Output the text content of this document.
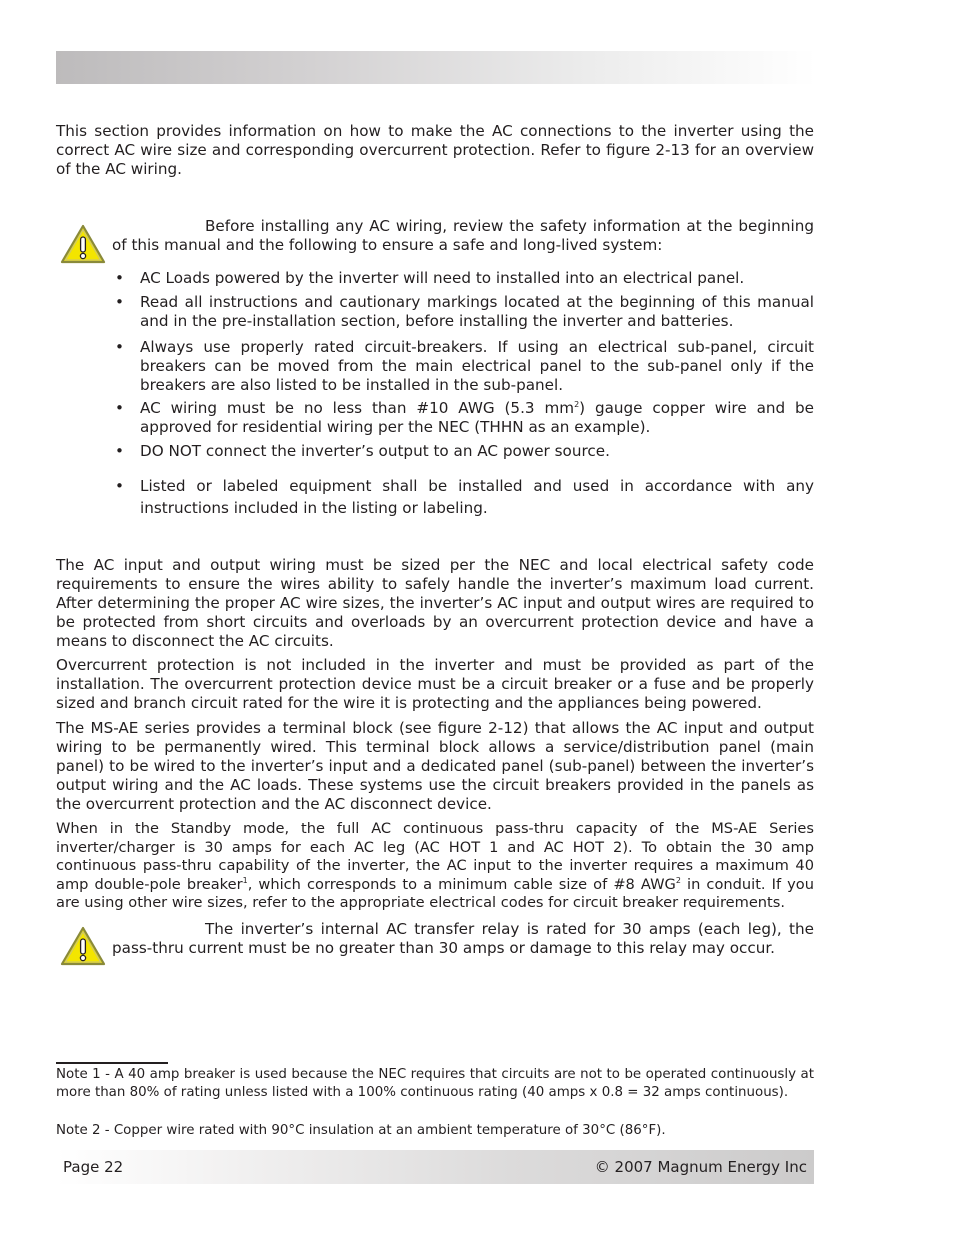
This section provides information on how to make the AC connections to the inverter using the correct AC wire size and corresponding overcurrent protection. Refer to figure 2-13 for an overview of the AC wiring.

Before installing any AC wiring, review the safety information at the beginning of this manual and the following to ensure a safe and long-lived system:

• AC Loads powered by the inverter will need to installed into an electrical panel.
• Read all instructions and cautionary markings located at the beginning of this manual and in the pre-installation section, before installing the inverter and batteries.
• Always use properly rated circuit-breakers. If using an electrical sub-panel, circuit breakers can be moved from the main electrical panel to the sub-panel only if the breakers are also listed to be installed in the sub-panel.
• AC wiring must be no less than #10 AWG (5.3 $mm^2$) gauge copper wire and be approved for residential wiring per the NEC (THHN as an example).
• DO NOT connect the inverter’s output to an AC power source.
• Listed or labeled equipment shall be installed and used in accordance with any instructions included in the listing or labeling.

The AC input and output wiring must be sized per the NEC and local electrical safety code requirements to ensure the wires ability to safely handle the inverter’s maximum load current. After determining the proper AC wire sizes, the inverter’s AC input and output wires are required to be protected from short circuits and overloads by an overcurrent protection device and have a means to disconnect the AC circuits.

Overcurrent protection is not included in the inverter and must be provided as part of the installation. The overcurrent protection device must be a circuit breaker or a fuse and be properly sized and branch circuit rated for the wire it is protecting and the appliances being powered.

The MS-AE series provides a terminal block (see figure 2-12) that allows the AC input and output wiring to be permanently wired. This terminal block allows a service/distribution panel (main panel) to be wired to the inverter’s input and a dedicated panel (sub-panel) between the inverter’s output wiring and the AC loads. These systems use the circuit breakers provided in the panels as the overcurrent protection and the AC disconnect device.

When in the Standby mode, the full AC continuous pass-thru capacity of the MS-AE Series inverter/charger is 30 amps for each AC leg (AC HOT 1 and AC HOT 2). To obtain the 30 amp continuous pass-thru capability of the inverter, the AC input to the inverter requires a maximum 40 amp double-pole breaker$^1$, which corresponds to a minimum cable size of #8 AWG$^2$ in conduit. If you are using other wire sizes, refer to the appropriate electrical codes for circuit breaker requirements.

The inverter’s internal AC transfer relay is rated for 30 amps (each leg), the pass-thru current must be no greater than 30 amps or damage to this relay may occur.

Note 1 - A 40 amp breaker is used because the NEC requires that circuits are not to be operated continuously at more than 80% of rating unless listed with a 100% continuous rating (40 amps x 0.8 = 32 amps continuous).

Note 2 - Copper wire rated with 90°C insulation at an ambient temperature of 30°C (86°F).

Page 22	© 2007 Magnum Energy Inc
